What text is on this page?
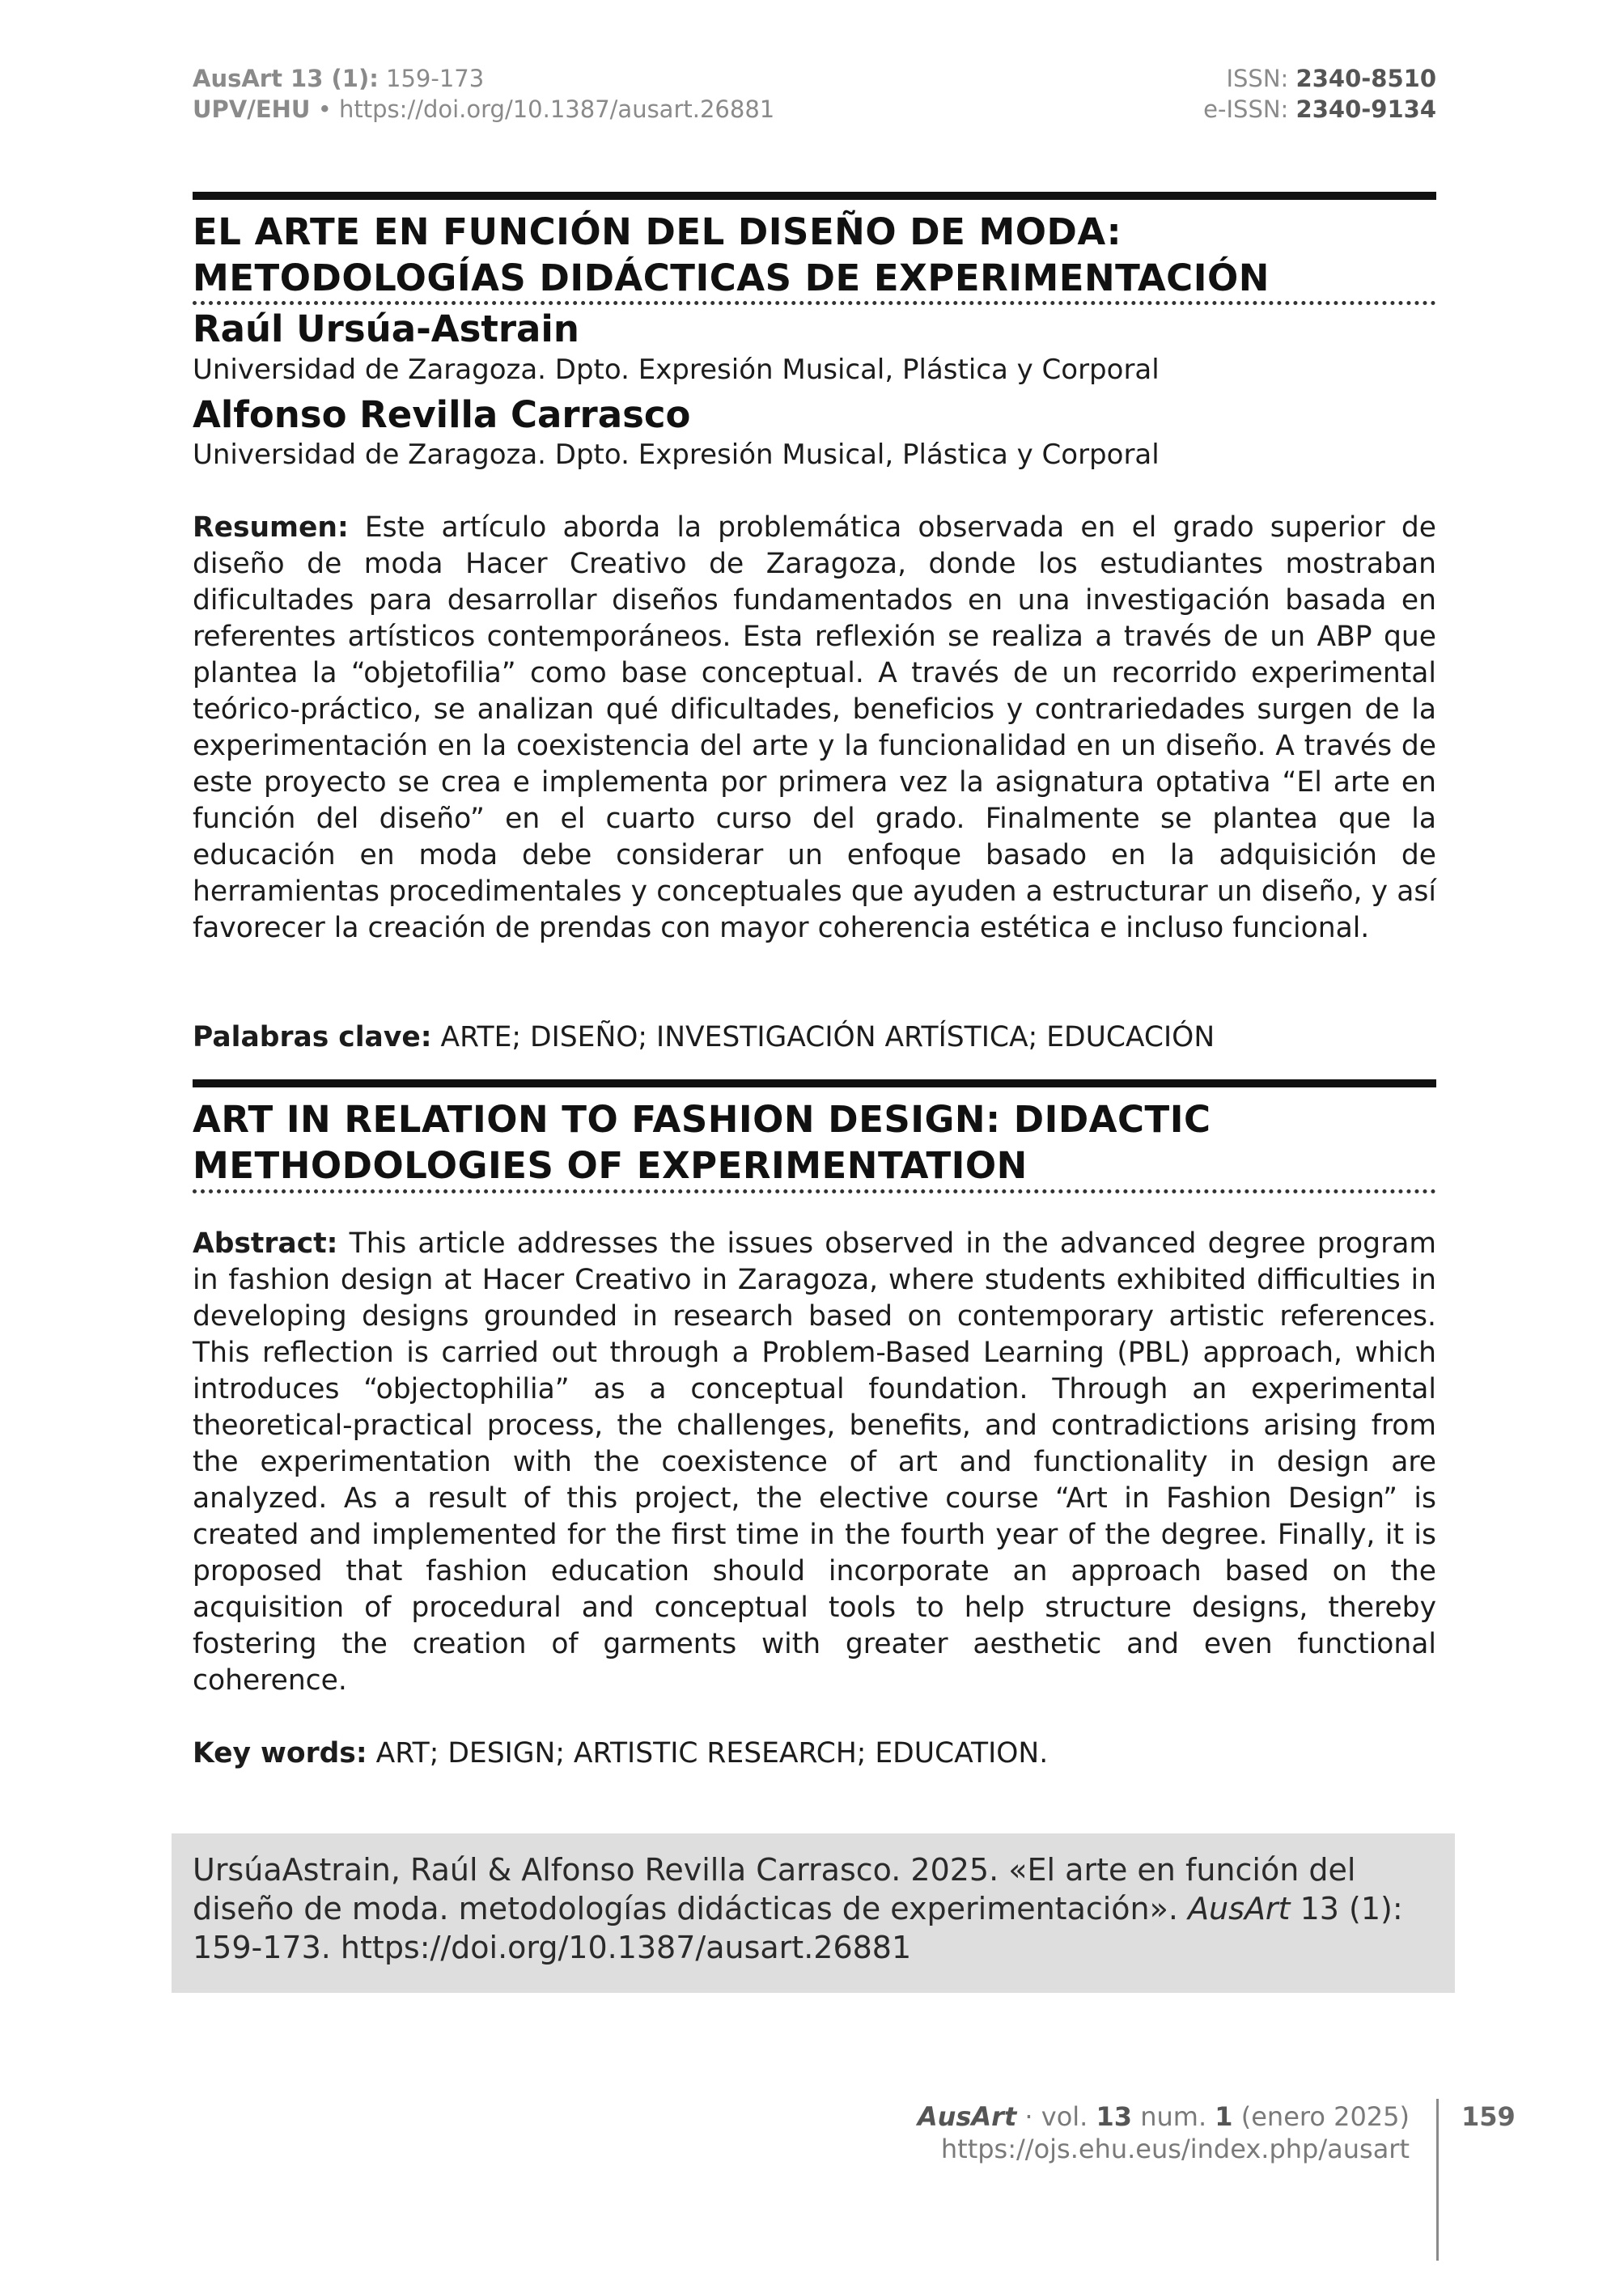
AusArt 13 (1): 159-173
UPV/EHU • https://doi.org/10.1387/ausart.26881
ISSN: 2340-8510
e-ISSN: 2340-9134
EL ARTE EN FUNCIÓN DEL DISEÑO DE MODA:
METODOLOGÍAS DIDÁCTICAS DE EXPERIMENTACIÓN
Raúl Ursúa-Astrain
Universidad de Zaragoza. Dpto. Expresión Musical, Plástica y Corporal
Alfonso Revilla Carrasco
Universidad de Zaragoza. Dpto. Expresión Musical, Plástica y Corporal
Resumen: Este artículo aborda la problemática observada en el grado superior de diseño de moda Hacer Creativo de Zaragoza, donde los estudiantes mostraban dificultades para desarrollar diseños fundamentados en una investigación basada en referentes artísticos contemporáneos. Esta reflexión se realiza a través de un ABP que plantea la “objetofilia” como base conceptual. A través de un recorrido experimental teórico-práctico, se analizan qué dificultades, beneficios y contrariedades surgen de la experimentación en la coexistencia del arte y la funcionalidad en un diseño. A través de este proyecto se crea e implementa por primera vez la asignatura optativa “El arte en función del diseño” en el cuarto curso del grado. Finalmente se plantea que la educación en moda debe considerar un enfoque basado en la adquisición de herramientas procedimentales y conceptuales que ayuden a estructurar un diseño, y así favorecer la creación de prendas con mayor coherencia estética e incluso funcional.
Palabras clave: ARTE; DISEÑO; INVESTIGACIÓN ARTÍSTICA; EDUCACIÓN
ART IN RELATION TO FASHION DESIGN: DIDACTIC
METHODOLOGIES OF EXPERIMENTATION
Abstract: This article addresses the issues observed in the advanced degree program in fashion design at Hacer Creativo in Zaragoza, where students exhibited difficulties in developing designs grounded in research based on contemporary artistic references. This reflection is carried out through a Problem-Based Learning (PBL) approach, which introduces “objectophilia” as a conceptual foundation. Through an experimental theoretical-practical process, the challenges, benefits, and contradictions arising from the experimentation with the coexistence of art and functionality in design are analyzed. As a result of this project, the elective course “Art in Fashion Design” is created and implemented for the first time in the fourth year of the degree. Finally, it is proposed that fashion education should incorporate an approach based on the acquisition of procedural and conceptual tools to help structure designs, thereby fostering the creation of garments with greater aesthetic and even functional coherence.
Key words: ART; DESIGN; ARTISTIC RESEARCH; EDUCATION.
UrsúaAstrain, Raúl & Alfonso Revilla Carrasco. 2025. «El arte en función del diseño de moda. metodologías didácticas de experimentación». AusArt 13 (1): 159-173. https://doi.org/10.1387/ausart.26881
AusArt · vol. 13 num. 1 (enero 2025)
https://ojs.ehu.eus/index.php/ausart
159
